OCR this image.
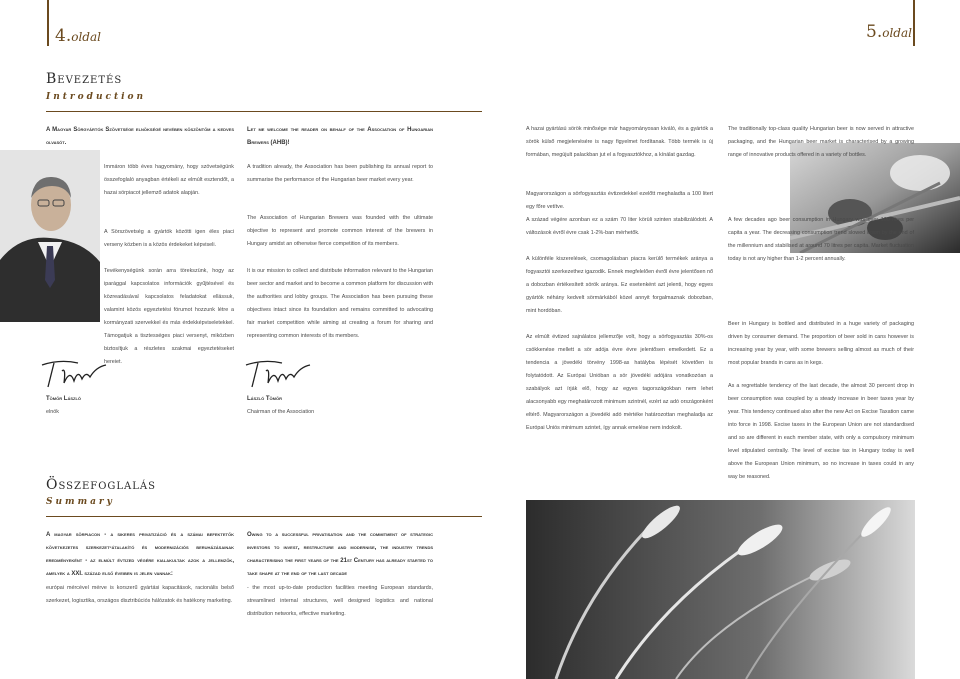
4.oldal	5.oldal
Bevezetés
Introduction
A Magyar Sörgyártók Szövetsége elnökségé nevében köszöntöm a kedves olvasót.
Let me welcome the reader on behalf of the Association of Hungarian Brewers (AHB)!
Immáron több éves hagyomány, hogy szövetségünk összefoglaló anyagban értékeli az elmúlt esztendőt, a hazai sörpiacot jellemző adatok alapján.
A Sörszövetség a gyártók közötti igen éles piaci verseny közben is a közös érdekeket képviseli.
Tevékenységünk során arra törekszünk, hogy az iparággal kapcsolatos információk gyűjtésével és közreadásával kapcsolatos feladatokat ellássuk, valamint közös egyeztetési fórumot hozzunk létre a kormányzati szervekkel és más érdekképviseletekkel. Támogatjuk a tisztességes piaci versenyt, miközben biztosítjuk a részletes szakmai egyeztetéseket hereiet.
Tömör László
elnök
A tradition already, the Association has been publishing its annual report to summarise the performance of the Hungarian beer market every year.
The Association of Hungarian Brewers was founded with the ultimate objective to represent and promote common interest of the brewers in Hungary amidst an otherwise fierce competition of its members.
It is our mission to collect and distribute information relevant to the Hungarian beer sector and market and to become a common platform for discussion with the authorities and lobby groups. The Association has been pursuing these objectives intact since its foundation and remains committed to advocating fair market competition while aiming at creating a forum for sharing and representing common interests of its members.
László Tömör
Chairman of the Association
Összefoglalás
Summary
A magyar sörpiacon - a sikeres privatizáció és a számai befektetők következetes szerkezet-átalakító és modernizációs beruházásainak eredményeként - az elmúlt évtized végére kialakultak azok a jellemzők, amelyek a XXI. század első éveiben is jelen vannak:
európai mércével mérve is korszerű gyártási kapacitások, racionális belső szerkezet, logisztika, országos disztribúciós hálózatok és hatékony marketing.
Owing to a successful privatisation and the commitment of strategic investors to invest, restructure and modernise, the industry trends characterising the first years of the 21st Century has already started to take shape at the end of the last decade
- the most up-to-date production facilities meeting European standards, streamlined internal structures, well designed logistics and national distribution networks, effective marketing.
A hazai gyártású sörök minősége már hagyományosan kiváló, és a gyártók a sörök külső megjelenésére is nagy figyelmet fordítanak. Több termék is új formában, megújult palackban jut el a fogyasztókhoz, a kínálat gazdag.
Magyarországon a sörfogyasztás évtizedekkel ezelőtt meghaladta a 100 litert egy főre vetítve.
A század végére azonban ez a szám 70 liter körüli szinten stabilizálódott. A változások évről évre csak 1-2%-ban mérhetők.
A különféle kiszerelések, csomagolásban piacra kerülő termékek aránya a fogyasztói szerkezethez igazodik. Ennek megfelelően évről évre jelentősen nő a dobozban értékesített sörök aránya. Ez esetenként azt jelenti, hogy egyes gyártók néhány kedvelt sörmárkából közel annyit forgalmaznak dobozban, mint hordóban.
Az elmúlt évtized sajnálatos jellemzője volt, hogy a sörfogyasztás 30%-os csökkenése mellett a sör adója évre évre jelentősen emelkedett. Ez a tendencia a jövedéki törvény 1998-as hatályba lépését követően is folytatódott. Az Európai Unióban a sör jövedéki adójára vonatkozóan a szabályok azt írják elő, hogy az egyes tagországokban nem lehet alacsonyabb egy meghatározott minimum szintnél, ezért az adó országonként eltérő. Magyarországon a jövedéki adó mértéke határozottan meghaladja az Európai Uniós minimum szintet, így annak emelése nem indokolt.
The traditionally top-class quality Hungarian beer is now served in attractive packaging, and the Hungarian beer market is characterised by a growing range of innovative products offered in a variety of bottles.
A few decades ago beer consumption in Hungary was over 100 litres per capita a year. The decreasing consumption trend slowed down by the end of the millennium and stabilised at around 70 litres per capita. Market fluctuation today is not any higher than 1-2 percent annually.
Beer in Hungary is bottled and distributed in a huge variety of packaging driven by consumer demand. The proportion of beer sold in cans however is increasing year by year, with some brewers selling almost as much of their most popular brands in cans as in kegs.
As a regrettable tendency of the last decade, the almost 30 percent drop in beer consumption was coupled by a steady increase in beer taxes year by year. This tendency continued also after the new Act on Excise Taxation came into force in 1998. Excise taxes in the European Union are not standardised and so are different in each member state, with only a compulsory minimum level stipulated centrally. The level of excise tax in Hungary today is well above the European Union minimum, so no increase in taxes could in any way be reasoned.
